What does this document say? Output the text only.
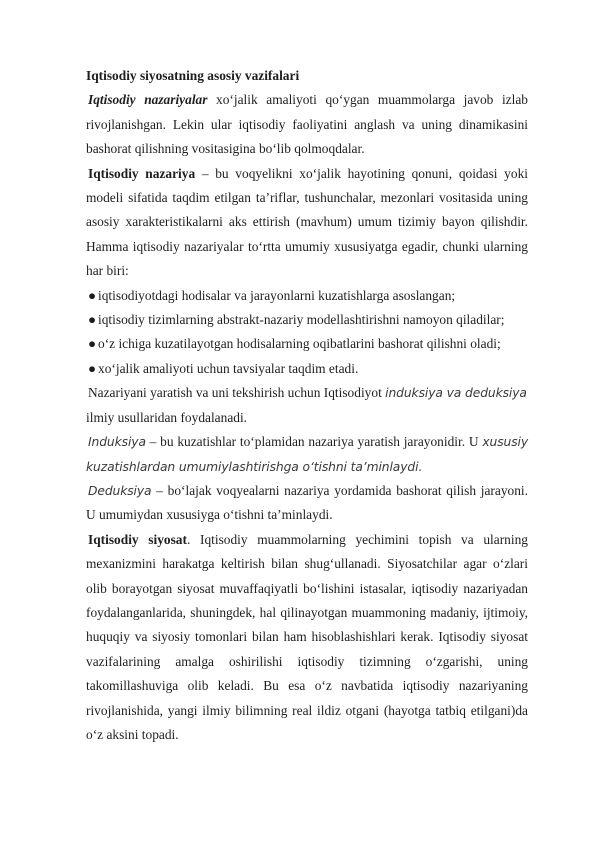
Iqtisodiy siyosatning asosiy vazifalari

Iqtisodiy nazariyalar xo‘jalik amaliyoti qo‘ygan muammolarga javob izlab rivojlanishgan. Lekin ular iqtisodiy faoliyatini anglash va uning dinamikasini bashorat qilishning vositasigina bo‘lib qolmoqdalar.

Iqtisodiy nazariya – bu voqyelikni xo‘jalik hayotining qonuni, qoidasi yoki modeli sifatida taqdim etilgan ta’riflar, tushunchalar, mezonlari vositasida uning asosiy xarakteristikalarni aks ettirish (mavhum) umum tizimiy bayon qilishdir. Hamma iqtisodiy nazariyalar to‘rtta umumiy xususiyatga egadir, chunki ularning har biri:

● iqtisodiyotdagi hodisalar va jarayonlarni kuzatishlarga asoslangan;
● iqtisodiy tizimlarning abstrakt-nazariy modellashtirishni namoyon qiladilar;
● o‘z ichiga kuzatilayotgan hodisalarning oqibatlarini bashorat qilishni oladi;
● xo‘jalik amaliyoti uchun tavsiyalar taqdim etadi.

Nazariyani yaratish va uni tekshirish uchun Iqtisodiyot induksiya va deduksiya ilmiy usullaridan foydalanadi.

Induksiya – bu kuzatishlar to‘plamidan nazariya yaratish jarayonidir. U xususiy kuzatishlardan umumiylashtirishga o‘tishni ta’minlaydi.

Deduksiya – bo‘lajak voqyealarni nazariya yordamida bashorat qilish jarayoni. U umumiydan xususiyga o‘tishni ta’minlaydi.

Iqtisodiy siyosat. Iqtisodiy muammolarning yechimini topish va ularning mexanizmini harakatga keltirish bilan shug‘ullanadi. Siyosatchilar agar o‘zlari olib borayotgan siyosat muvaffaqiyatli bo‘lishini istasalar, iqtisodiy nazariyadan foydalanganlarida, shuningdek, hal qilinayotgan muammoning madaniy, ijtimoiy, huquqiy va siyosiy tomonlari bilan ham hisoblashishlari kerak. Iqtisodiy siyosat vazifalarining amalga oshirilishi iqtisodiy tizimning o‘zgarishi, uning takomillashuviga olib keladi. Bu esa o‘z navbatida iqtisodiy nazariyaning rivojlanishida, yangi ilmiy bilimning real ildiz otgani (hayotga tatbiq etilgani)da o‘z aksini topadi.
